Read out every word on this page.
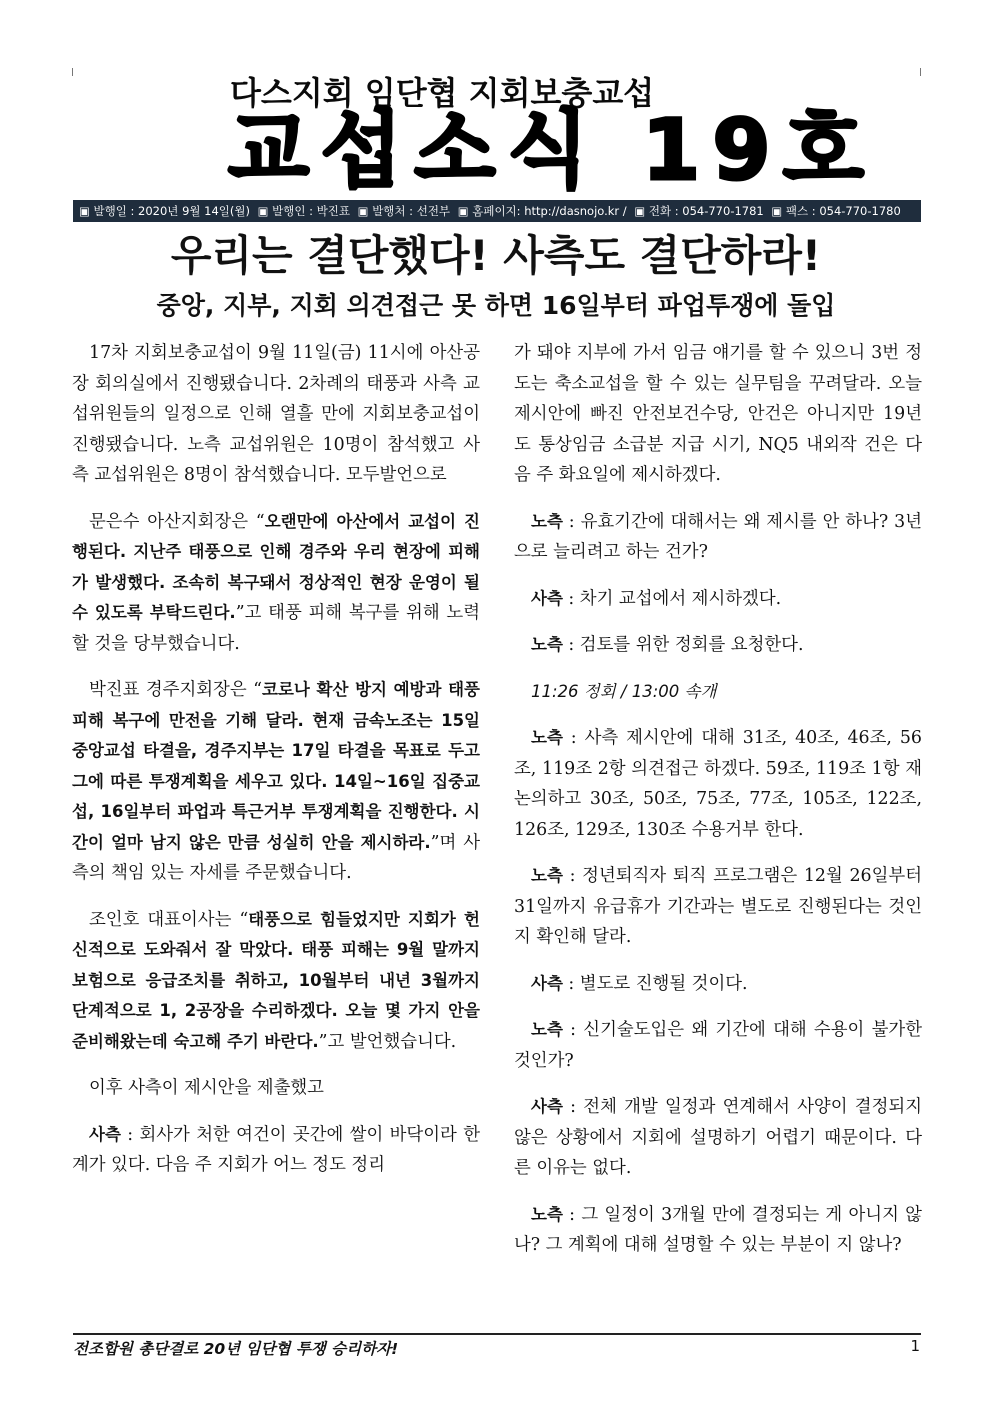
다스지회 임단협 지회보충교섭
교섭소식 19호
▣ 발행일 : 2020년 9월 14일(월) ▣ 발행인 : 박진표 ▣ 발행처 : 선전부 ▣ 홈페이지: http://dasnojo.kr / ▣ 전화 : 054-770-1781 ▣ 팩스 : 054-770-1780
우리는 결단했다! 사측도 결단하라!
중앙, 지부, 지회 의견접근 못 하면 16일부터 파업투쟁에 돌입

17차 지회보충교섭이 9월 11일(금) 11시에 아산공장 회의실에서 진행됐습니다. 2차례의 태풍과 사측 교섭위원들의 일정으로 인해 열흘 만에 지회보충교섭이 진행됐습니다. 노측 교섭위원은 10명이 참석했고 사측 교섭위원은 8명이 참석했습니다. 모두발언으로

문은수 아산지회장은 “오랜만에 아산에서 교섭이 진행된다. 지난주 태풍으로 인해 경주와 우리 현장에 피해가 발생했다. 조속히 복구돼서 정상적인 현장 운영이 될 수 있도록 부탁드린다.”고 태풍 피해 복구를 위해 노력할 것을 당부했습니다.

박진표 경주지회장은 “코로나 확산 방지 예방과 태풍 피해 복구에 만전을 기해 달라. 현재 금속노조는 15일 중앙교섭 타결을, 경주지부는 17일 타결을 목표로 두고 그에 따른 투쟁계획을 세우고 있다. 14일~16일 집중교섭, 16일부터 파업과 특근거부 투쟁계획을 진행한다. 시간이 얼마 남지 않은 만큼 성실히 안을 제시하라.”며 사측의 책임 있는 자세를 주문했습니다.

조인호 대표이사는 “태풍으로 힘들었지만 지회가 헌신적으로 도와줘서 잘 막았다. 태풍 피해는 9월 말까지 보험으로 응급조치를 취하고, 10월부터 내년 3월까지 단계적으로 1, 2공장을 수리하겠다. 오늘 몇 가지 안을 준비해왔는데 숙고해 주기 바란다.”고 발언했습니다.

이후 사측이 제시안을 제출했고

사측 : 회사가 처한 여건이 곳간에 쌀이 바닥이라 한계가 있다. 다음 주 지회가 어느 정도 정리

가 돼야 지부에 가서 임금 얘기를 할 수 있으니 3번 정도는 축소교섭을 할 수 있는 실무팀을 꾸려달라. 오늘 제시안에 빠진 안전보건수당, 안건은 아니지만 19년도 통상임금 소급분 지급 시기, NQ5 내외작 건은 다음 주 화요일에 제시하겠다.

노측 : 유효기간에 대해서는 왜 제시를 안 하나? 3년으로 늘리려고 하는 건가?

사측 : 차기 교섭에서 제시하겠다.

노측 : 검토를 위한 정회를 요청한다.

11:26 정회 / 13:00 속개

노측 : 사측 제시안에 대해 31조, 40조, 46조, 56조, 119조 2항 의견접근 하겠다. 59조, 119조 1항 재논의하고 30조, 50조, 75조, 77조, 105조, 122조, 126조, 129조, 130조 수용거부 한다.

노측 : 정년퇴직자 퇴직 프로그램은 12월 26일부터 31일까지 유급휴가 기간과는 별도로 진행된다는 것인지 확인해 달라.

사측 : 별도로 진행될 것이다.

노측 : 신기술도입은 왜 기간에 대해 수용이 불가한 것인가?

사측 : 전체 개발 일정과 연계해서 사양이 결정되지 않은 상황에서 지회에 설명하기 어렵기 때문이다. 다른 이유는 없다.

노측 : 그 일정이 3개월 만에 결정되는 게 아니지 않나? 그 계획에 대해 설명할 수 있는 부분이 지 않나?

전조합원 총단결로 20년 임단협 투쟁 승리하자!	1
